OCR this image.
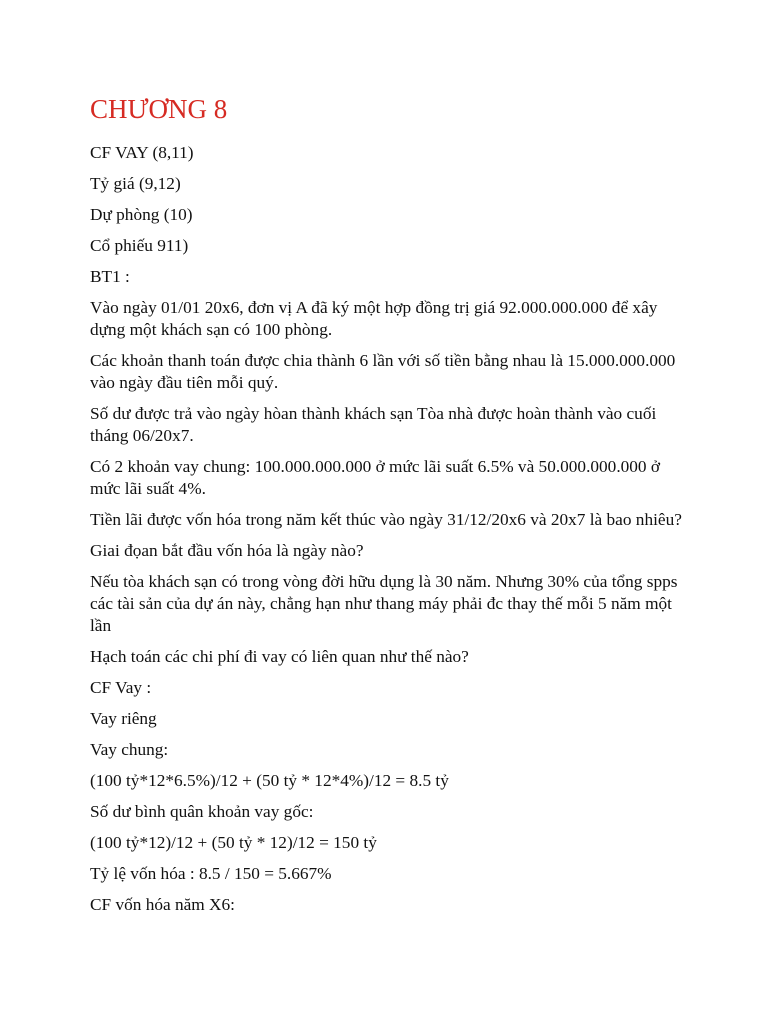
CHƯƠNG 8

CF VAY (8,11)

Tỷ giá (9,12)

Dự phòng (10)

Cổ phiếu 911)

BT1 :

Vào ngày 01/01 20x6, đơn vị A đã ký một hợp đồng trị giá 92.000.000.000 để xây dựng một khách sạn có 100 phòng.

Các khoản thanh toán được chia thành 6 lần với số tiền bằng nhau là 15.000.000.000 vào ngày đầu tiên mỗi quý.

Số dư được trả vào ngày hòan thành khách sạn Tòa nhà được hoàn thành vào cuối tháng 06/20x7.

Có 2 khoản vay chung: 100.000.000.000 ở mức lãi suất 6.5% và 50.000.000.000 ở mức lãi suất 4%.

Tiền lãi được vốn hóa trong năm kết thúc vào ngày 31/12/20x6 và 20x7 là bao nhiêu?

Giai đọan bắt đầu vốn hóa là ngày nào?

Nếu tòa khách sạn có trong vòng đời hữu dụng là 30 năm. Nhưng 30% của tổng spps các tài sản của dự án này, chẳng hạn như thang máy phải đc thay thế mỗi 5 năm một lần

Hạch toán các chi phí đi vay có liên quan như thế nào?

CF Vay :

Vay riêng

Vay chung:

(100 tỷ*12*6.5%)/12 + (50 tỷ * 12*4%)/12 = 8.5 tỷ

Số dư bình quân khoản vay gốc:

(100 tỷ*12)/12 + (50 tỷ * 12)/12 = 150 tỷ

Tỷ lệ vốn hóa : 8.5 / 150 = 5.667%

CF vốn hóa năm X6:
